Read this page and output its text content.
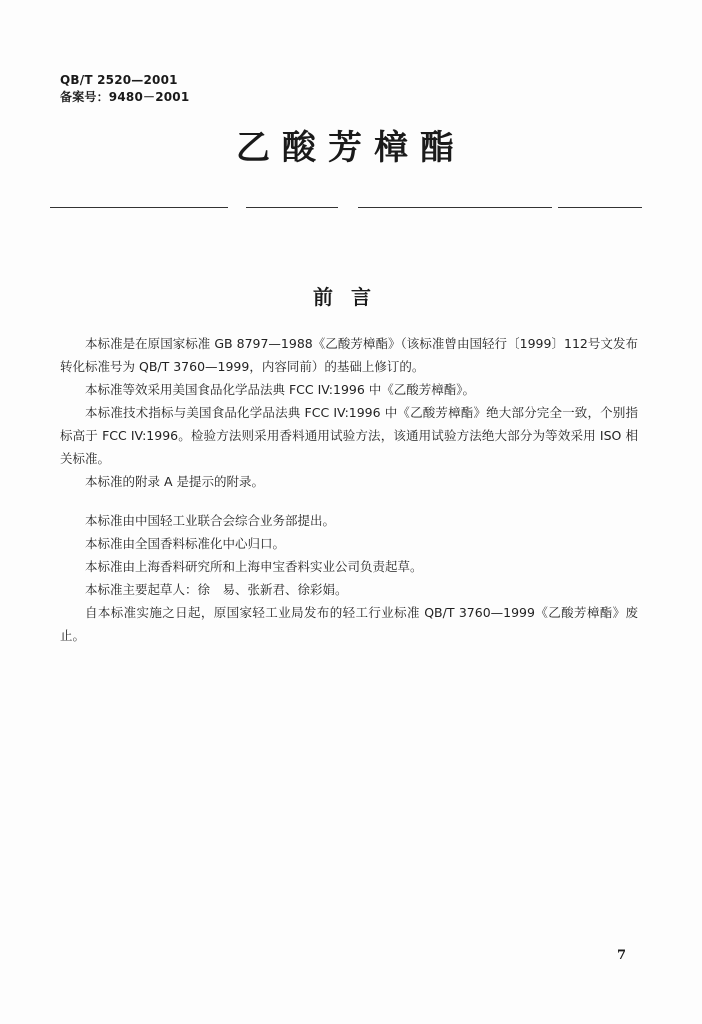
QB/T 2520—2001
备案号：9480－2001
乙酸芳樟酯
前言

本标准是在原国家标准 GB 8797—1988《乙酸芳樟酯》（该标准曾由国轻行〔1999〕112号文发布转化标准号为 QB/T 3760—1999，内容同前）的基础上修订的。

本标准等效采用美国食品化学品法典 FCC IV:1996 中《乙酸芳樟酯》。

本标准技术指标与美国食品化学品法典 FCC IV:1996 中《乙酸芳樟酯》绝大部分完全一致，个别指标高于 FCC IV:1996。检验方法则采用香料通用试验方法，该通用试验方法绝大部分为等效采用 ISO 相关标准。

本标准的附录 A 是提示的附录。

本标准由中国轻工业联合会综合业务部提出。

本标准由全国香料标准化中心归口。

本标准由上海香料研究所和上海申宝香料实业公司负责起草。

本标准主要起草人：徐　易、张新君、徐彩娟。

自本标准实施之日起，原国家轻工业局发布的轻工行业标准 QB/T 3760—1999《乙酸芳樟酯》废止。

7
